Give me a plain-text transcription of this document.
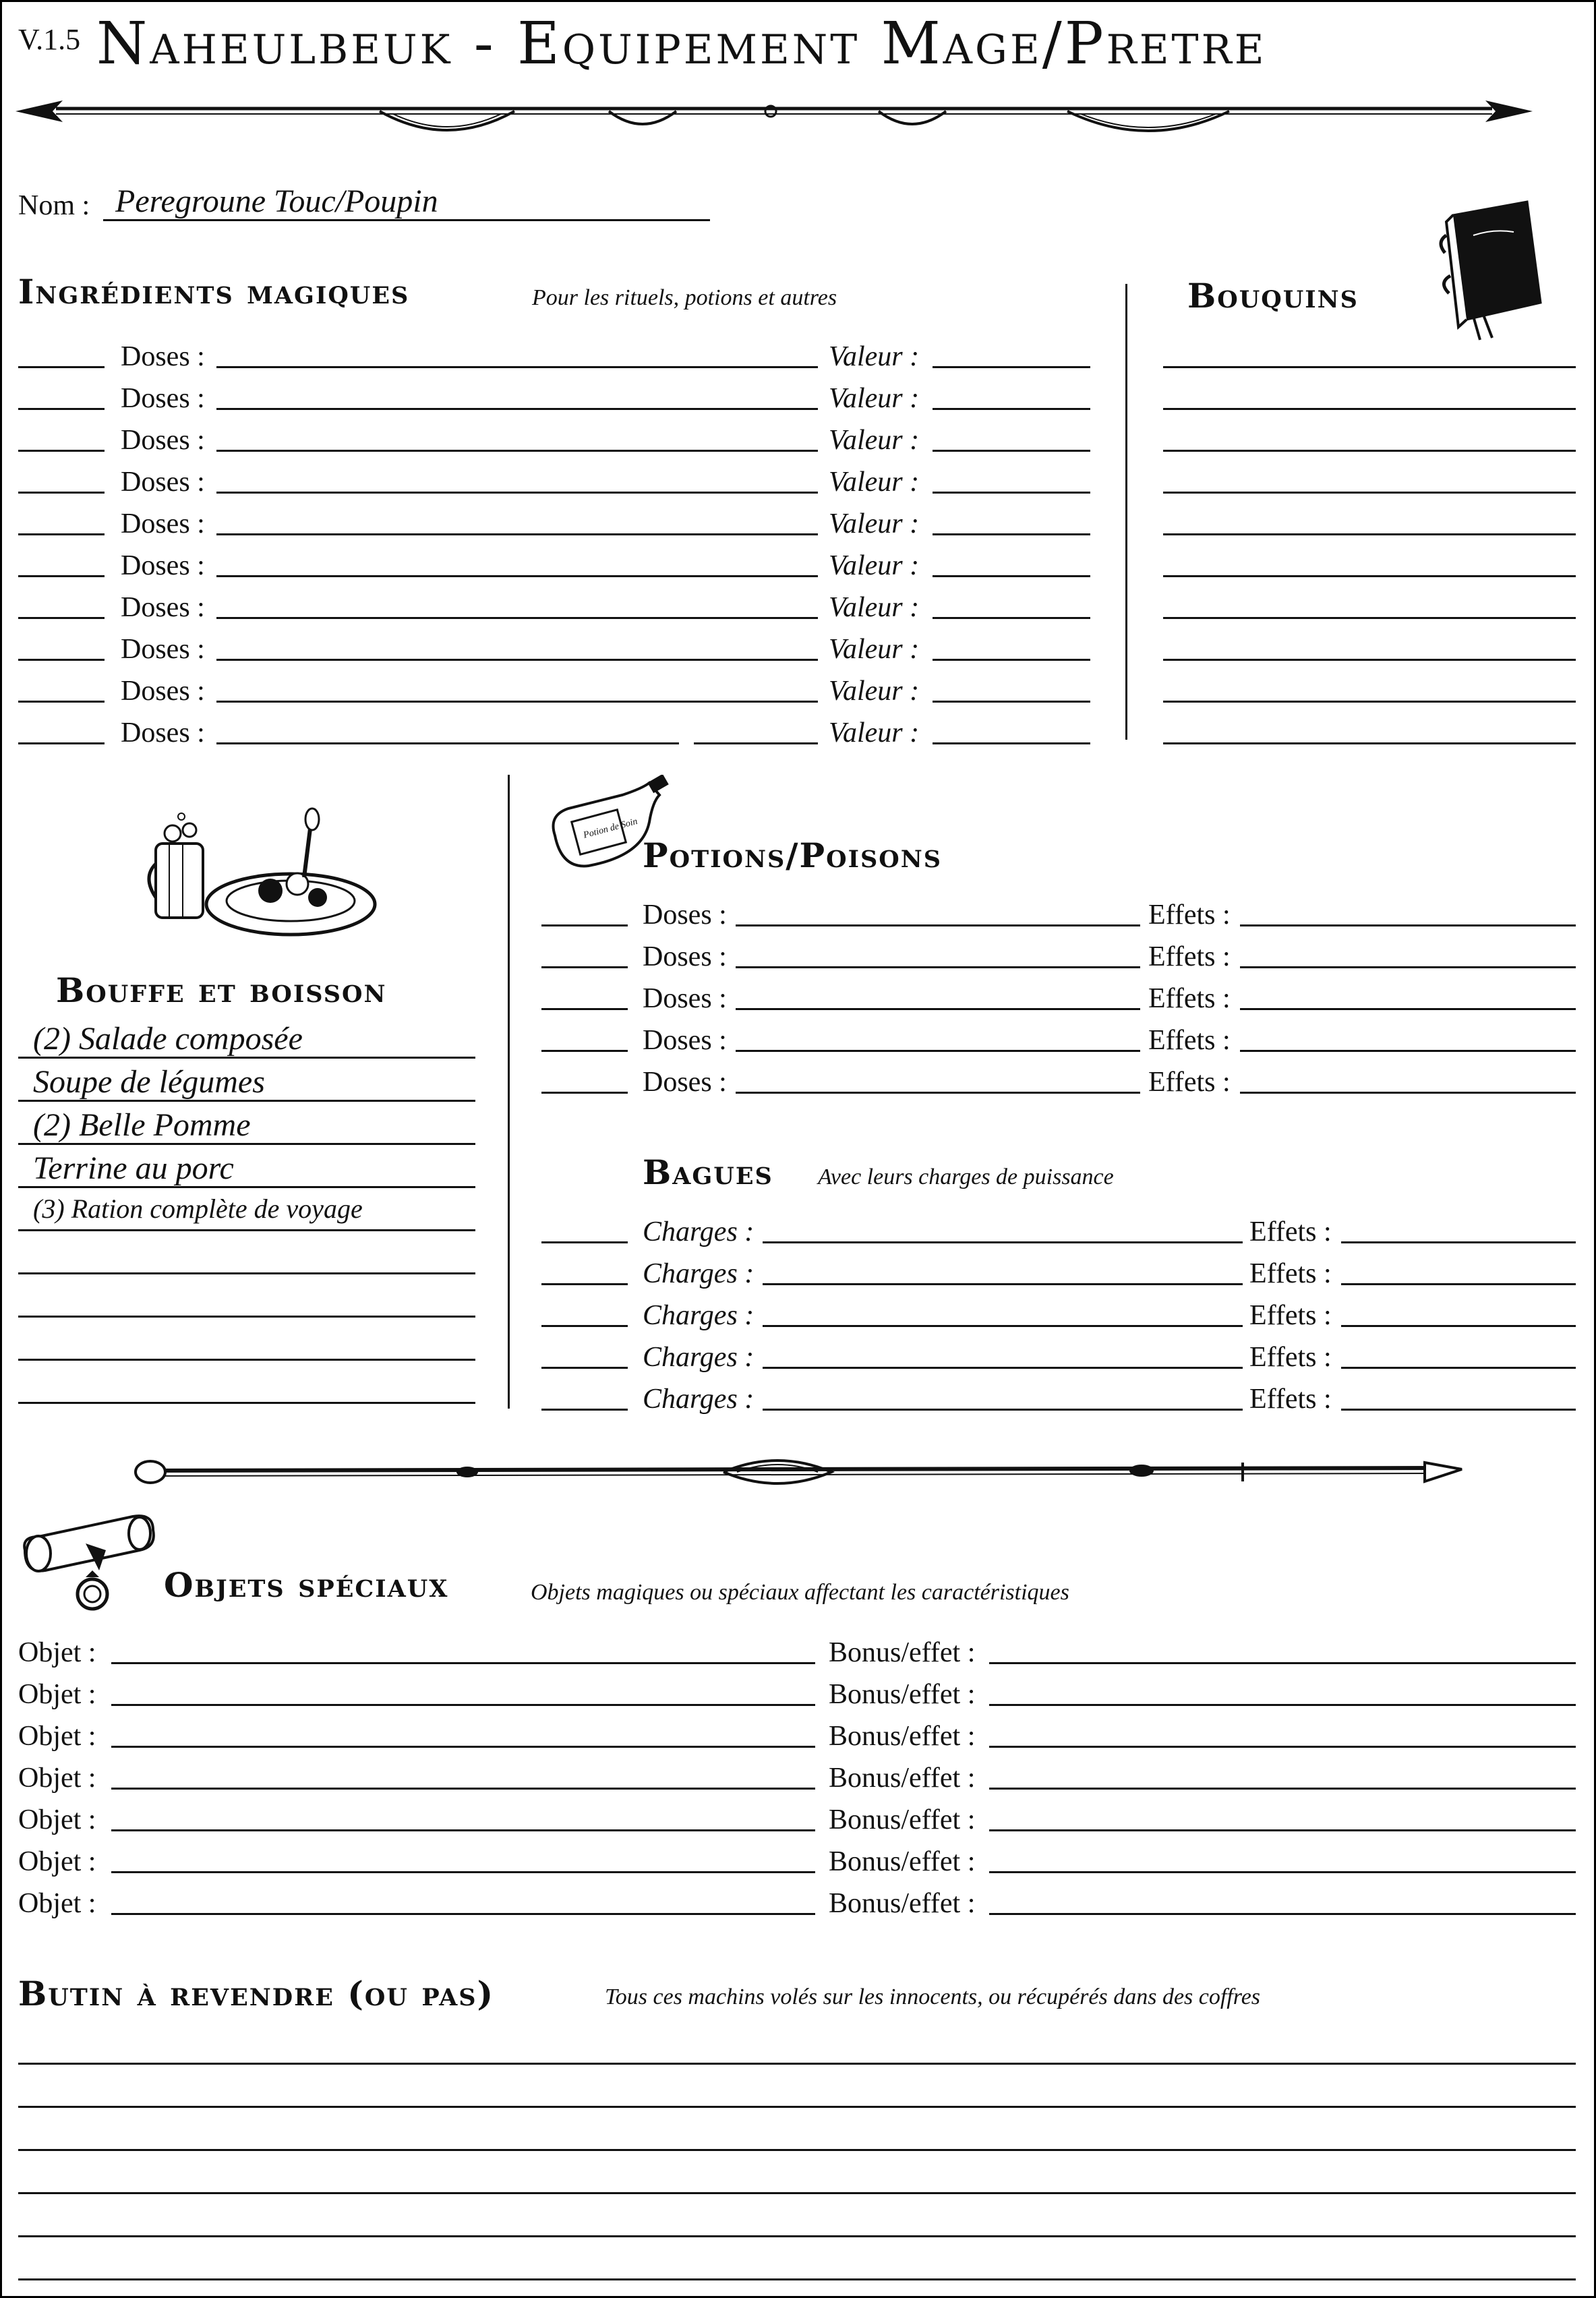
V.1.5 Naheulbeuk - Equipement Mage/Pretre
Nom : Peregroune Touc/Poupin
Ingrédients magiques	Pour les rituels, potions et autres
Doses :	Valeur :
Doses :	Valeur :
Doses :	Valeur :
Doses :	Valeur :
Doses :	Valeur :
Doses :	Valeur :
Doses :	Valeur :
Doses :	Valeur :
Doses :	Valeur :
Doses :	Valeur :
Bouquins
Bouffe et boisson
(2) Salade composée
Soupe de légumes
(2) Belle Pomme
Terrine au porc
(3) Ration complète de voyage
Potion de Soin
Potions/Poisons
Doses :	Effets :
Doses :	Effets :
Doses :	Effets :
Doses :	Effets :
Doses :	Effets :
Bagues Avec leurs charges de puissance
Charges :	Effets :
Charges :	Effets :
Charges :	Effets :
Charges :	Effets :
Charges :	Effets :
Objets spéciaux	Objets magiques ou spéciaux affectant les caractéristiques
Objet :	Bonus/effet :
Objet :	Bonus/effet :
Objet :	Bonus/effet :
Objet :	Bonus/effet :
Objet :	Bonus/effet :
Objet :	Bonus/effet :
Objet :	Bonus/effet :
Butin à revendre (ou pas)	Tous ces machins volés sur les innocents, ou récupérés dans des coffres
